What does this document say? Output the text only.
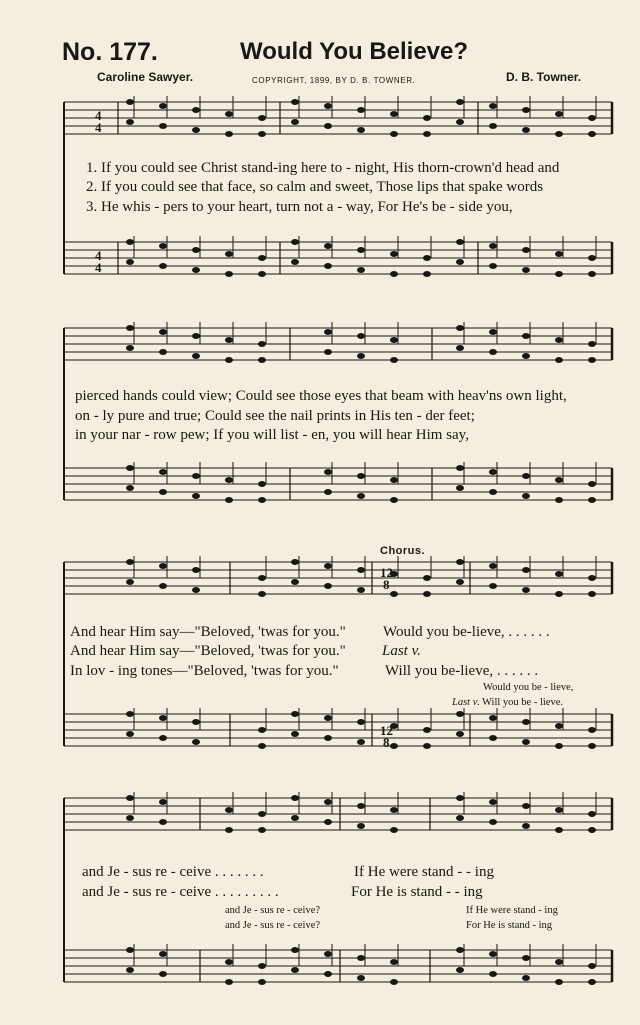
No. 177.	Would You Believe?
Caroline Sawyer.	COPYRIGHT, 1899, BY D. B. TOWNER.	D. B. Towner.
1. If you could see Christ stand-ing here to - night, His thorn-crown'd head and
2. If you could see that face, so calm and sweet, Those lips that spake words
3. He whis - pers to your heart, turn not a - way, For He's be - side you,
pierced hands could view; Could see those eyes that beam with heav'ns own light,
on - ly pure and true; Could see the nail prints in His ten - der feet;
in your nar - row pew; If you will list - en, you will hear Him say,
Chorus.
And hear Him say—"Beloved, 'twas for you."
And hear Him say—"Beloved, 'twas for you."
In lov - ing tones—"Beloved, 'twas for you."
Would you be-lieve, . . . . . .
Last v.
Will you be-lieve, . . . . . .
Would you be - lieve,
Last v . Will you be - lieve.
and Je - sus re - ceive . . . . . . .
and Je - sus re - ceive . . . . . . . . .
If He were stand - - ing
For He is stand - - ing
and Je - sus re - ceive?
and Je - sus re - ceive?
If He were stand - ing
For He is stand - ing
4
4
4
4
12
8
12
8
